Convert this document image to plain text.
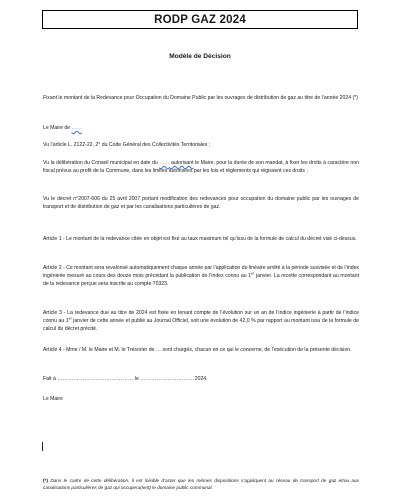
RODP GAZ 2024
Modèle de Décision

Fixant le montant de la Redevance pour Occupation du Domaine Public par les ouvrages de distribution de gaz au titre de l’année 2024 (*)

Le Maire de ……

Vu l’article L. 2122-22, 2° du Code Général des Collectivités Territoriales ;

Vu la délibération du Conseil municipal en date du …… autorisant le Maire, pour la durée de son mandat, à fixer les droits à caractère non fiscal prévus au profit de la Commune, dans les limites autorisées par les lois et règlements qui régissent ces droits ;

Vu le décret n°2007-606 du 25 avril 2007 portant modification des redevances pour occupation du domaine public par les ouvrages de transport et de distribution de gaz et par les canalisations particulières de gaz.

Article 1 - Le montant de la redevance citée en objet est fixé au taux maximum tel qu’issu de la formule de calcul du décret visé ci-dessus.

Article 2 - Ce montant sera revalorisé automatiquement chaque année par l’application du linéaire arrêté à la période susvisée et de l’index ingénierie mesuré au cours des douze mois précédant la publication de l’index connu au 1er janvier. La recette correspondant au montant de la redevance perçue sera inscrite au compte 70323.

Article 3 - La redevance due au titre de 2024 est fixée en tenant compte de l’évolution sur un an de l’indice ingénierie à partir de l’indice connu au 1er janvier de cette année et publié au Journal Officiel, soit une évolution de 42,0 % par rapport au montant issu de la formule de calcul du décret précité.

Article 4 - Mme / M. le Maire et M. le Trésorier de … sont chargés, chacun en ce qui le concerne, de l’exécution de la présente décision.

Fait à …………………………………… le …………………………2024.

Le Maire

(*) Dans le cadre de cette délibération, il est loisible d’acter que les mêmes dispositions s’appliquent au réseau de transport de gaz et/ou aux canalisations particulières de gaz qui occupera(ient) le domaine public communal.
